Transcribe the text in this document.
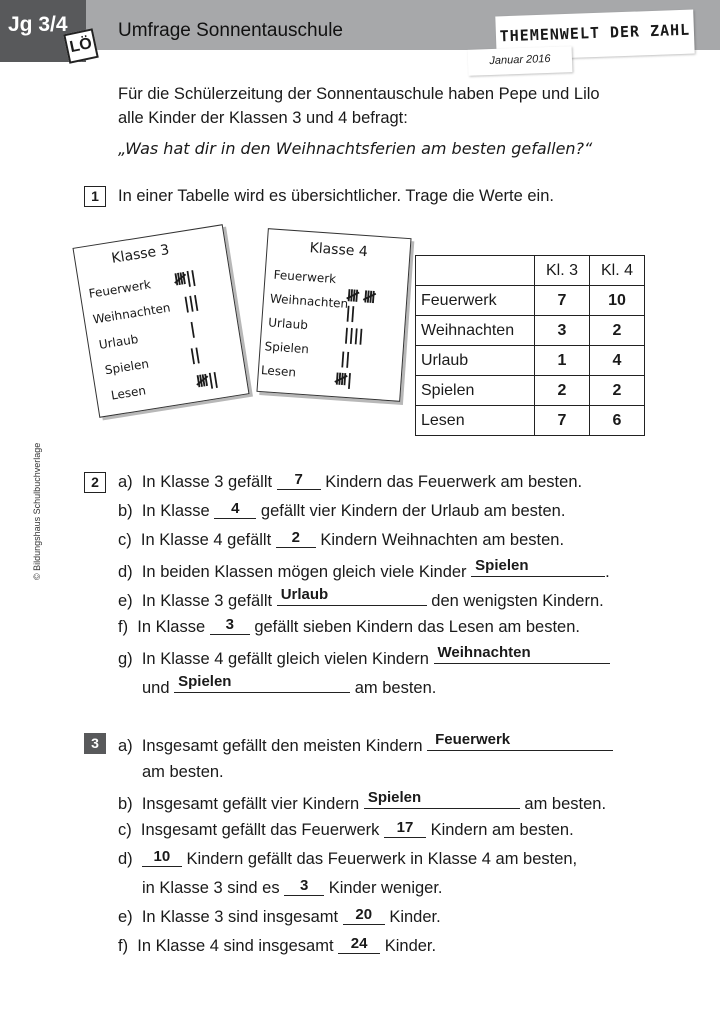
Jg 3/4
LÖ
Umfrage Sonnentauschule	THEMENWELT DER ZAHL
Januar 2016
© Bildungshaus Schulbuchverlage
Für die Schülerzeitung der Sonnentauschule haben Pepe und Lilo
alle Kinder der Klassen 3 und 4 befragt:
„Was hat dir in den Weihnachtsferien am besten gefallen?“
1	In einer Tabelle wird es übersichtlicher. Trage die Werte ein.
Klasse 3
Feuerwerk 𝍸||
Weihnachten |||
Urlaub
|
Spielen
||
Lesen
𝍸||
Klasse 4
Feuerwerk
𝍸 𝍸
Weihnachten
||
Urlaub
||||
Spielen
||
Lesen 𝍸|
	Kl. 3	Kl. 4
Feuerwerk	7	10
Weihnachten	3	2
Urlaub	1	4
Spielen	2	2
Lesen	7	6
2	a) In Klasse 3 gefällt 7 Kindern das Feuerwerk am besten.
b) In Klasse 4 gefällt vier Kindern der Urlaub am besten.
c) In Klasse 4 gefällt 2 Kindern Weihnachten am besten.
d) In beiden Klassen mögen gleich viele Kinder Spielen	.
e) In Klasse 3 gefällt Urlaub	den wenigsten Kindern.
f) In Klasse 3 gefällt sieben Kindern das Lesen am besten.
g) In Klasse 4 gefällt gleich vielen Kindern Weihnachten
und Spielen	am besten.
3	a) Insgesamt gefällt den meisten Kindern Feuerwerk
am besten.
b) Insgesamt gefällt vier Kindern Spielen	am besten.
c) Insgesamt gefällt das Feuerwerk 17 Kindern am besten.
d) 10 Kindern gefällt das Feuerwerk in Klasse 4 am besten,
in Klasse 3 sind es 3 Kinder weniger.
e) In Klasse 3 sind insgesamt 20 Kinder.
f) In Klasse 4 sind insgesamt 24 Kinder.
